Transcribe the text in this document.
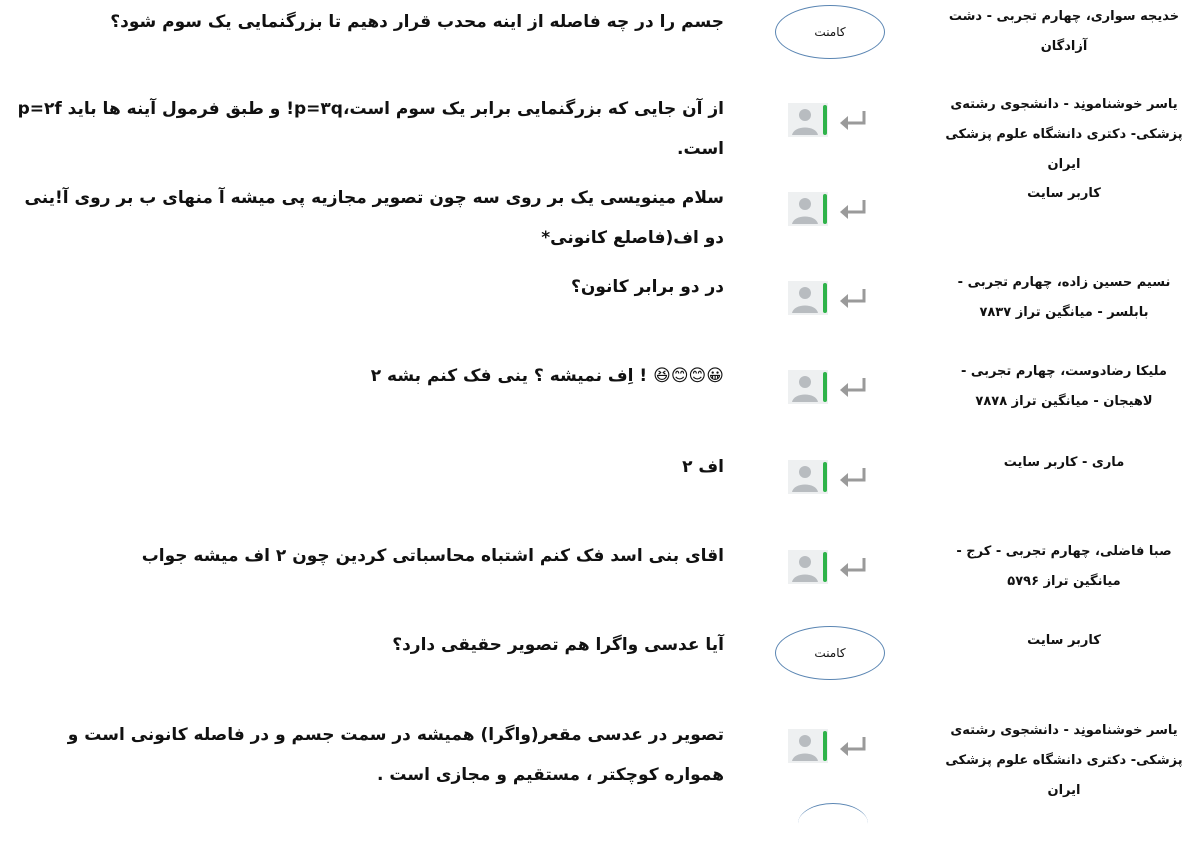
خدیجه سواری، چهارم تجربی - دشت آزادگان
کامنت
جسم را در چه فاصله از اینه محدب قرار دهیم تا بزرگنمایی یک سوم شود؟
یاسر خوشنامونِد - دانشجوی رشته‌ی پزشکی- دکتری دانشگاه علوم پزشکی ایران
از آن جایی که بزرگنمایی برابر یک سوم است،p=۳q! و طبق فرمول آینه ها باید p=۲f است.
کاربر سایت
سلام مینویسی یک بر روی سه چون تصویر مجازیه پی میشه آ منهای ب بر روی آ!ینی دو اف(فاصلع کانونی*
نسیم حسین زاده، چهارم تجربی - بابلسر - میانگین تراز ۷۸۳۷
در دو برابر کانون؟
ملیکا رضادوست، چهارم تجربی - لاهیجان - میانگین تراز ۷۸۷۸
😀😊😊😆 ! اِف نمیشه ؟ ینی فک کنم بشه ۲
ماری - کاربر سایت
اف ۲
صبا فاضلی، چهارم تجربی - کرج - میانگین تراز ۵۷۹۶
اقای بنی اسد فک کنم اشتباه محاسباتی کردین چون ۲ اف میشه جواب
کاربر سایت
کامنت
آیا عدسی واگرا هم تصویر حقیقی دارد؟
یاسر خوشنامونِد - دانشجوی رشته‌ی پزشکی- دکتری دانشگاه علوم پزشکی ایران
تصویر در عدسی مقعر(واگرا) همیشه در سمت جسم و در فاصله کانونی است و همواره کوچکتر ، مستقیم و مجازی است .
